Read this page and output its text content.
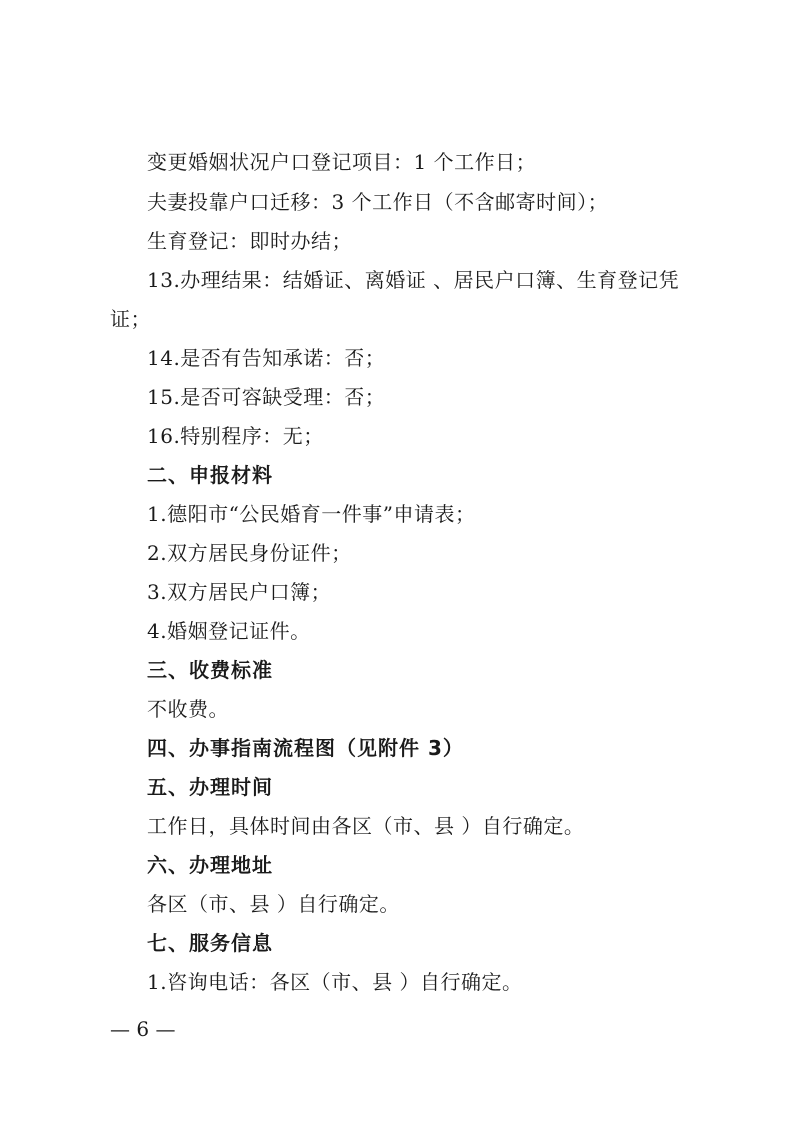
变更婚姻状况户口登记项目：1 个工作日；
夫妻投靠户口迁移：3 个工作日（不含邮寄时间）；
生育登记：即时办结；
13.办理结果：结婚证、离婚证 、居民户口簿、生育登记凭
证；
14.是否有告知承诺：否；
15.是否可容缺受理：否；
16.特别程序：无；
二、申报材料
1.德阳市“公民婚育一件事”申请表；
2.双方居民身份证件；
3.双方居民户口簿；
4.婚姻登记证件。
三、收费标准
不收费。
四、办事指南流程图（见附件 3）
五、办理时间
工作日，具体时间由各区（市、县 ）自行确定。
六、办理地址
各区（市、县 ）自行确定。
七、服务信息
1.咨询电话：各区（市、县 ）自行确定。
— 6 —
